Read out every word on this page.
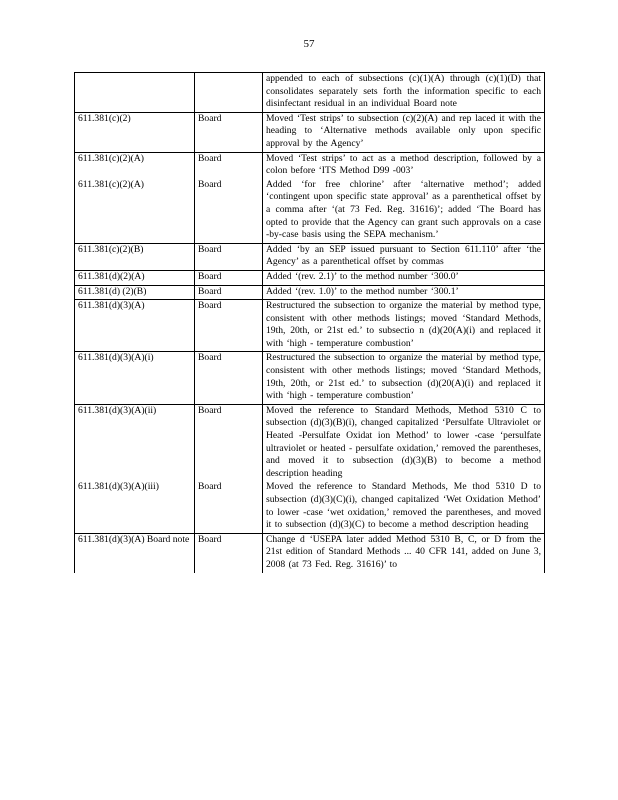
57
		appended to each of subsections (c)(1)(A) through (c)(1)(D) that consolidates separately sets forth the information specific to each disinfectant residual in an individual Board note
611.381(c)(2)	Board	Moved ‘Test strips’ to subsection (c)(2)(A) and rep laced it with the heading to ‘Alternative methods available only upon specific approval by the Agency’
611.381(c)(2)(A)	Board	Moved ‘Test strips’ to act as a method description, followed by a colon before ‘ITS Method D99 -003’
611.381(c)(2)(A)	Board	Added ‘for free chlorine’ after ‘alternative method’; added ‘contingent upon specific state approval’ as a parenthetical offset by a comma after ‘(at 73 Fed. Reg. 31616)’; added ‘The Board has opted to provide that the Agency can grant such approvals on a case -by-case basis using the SEPA mechanism.’
611.381(c)(2)(B)	Board	Added ‘by an SEP issued pursuant to Section 611.110’ after ‘the Agency’ as a parenthetical offset by commas
611.381(d)(2)(A)	Board	Added ‘(rev. 2.1)’ to the method number ‘300.0’
611.381(d) (2)(B)	Board	Added ‘(rev. 1.0)’ to the method number ‘300.1’
611.381(d)(3)(A)	Board	Restructured the subsection to organize the material by method type, consistent with other methods listings; moved ‘Standard Methods, 19th, 20th, or 21st ed.’ to subsectio n (d)(20(A)(i) and replaced it with ‘high - temperature combustion’
611.381(d)(3)(A)(i)	Board	Restructured the subsection to organize the material by method type, consistent with other methods listings; moved ‘Standard Methods, 19th, 20th, or 21st ed.’ to subsection (d)(20(A)(i) and replaced it with ‘high - temperature combustion’
611.381(d)(3)(A)(ii)	Board	Moved the reference to Standard Methods, Method 5310 C to subsection (d)(3)(B)(i), changed capitalized ‘Persulfate Ultraviolet or Heated -Persulfate Oxidat ion Method’ to lower -case ‘persulfate ultraviolet or heated - persulfate oxidation,’ removed the parentheses, and moved it to subsection (d)(3)(B) to become a method description heading
611.381(d)(3)(A)(iii)	Board	Moved the reference to Standard Methods, Me thod 5310 D to subsection (d)(3)(C)(i), changed capitalized ‘Wet Oxidation Method’ to lower -case ‘wet oxidation,’ removed the parentheses, and moved it to subsection (d)(3)(C) to become a method description heading
611.381(d)(3)(A) Board note	Board	Change d ‘USEPA later added Method 5310 B, C, or D from the 21st edition of Standard Methods ... 40 CFR 141, added on June 3, 2008 (at 73 Fed. Reg. 31616)’ to
